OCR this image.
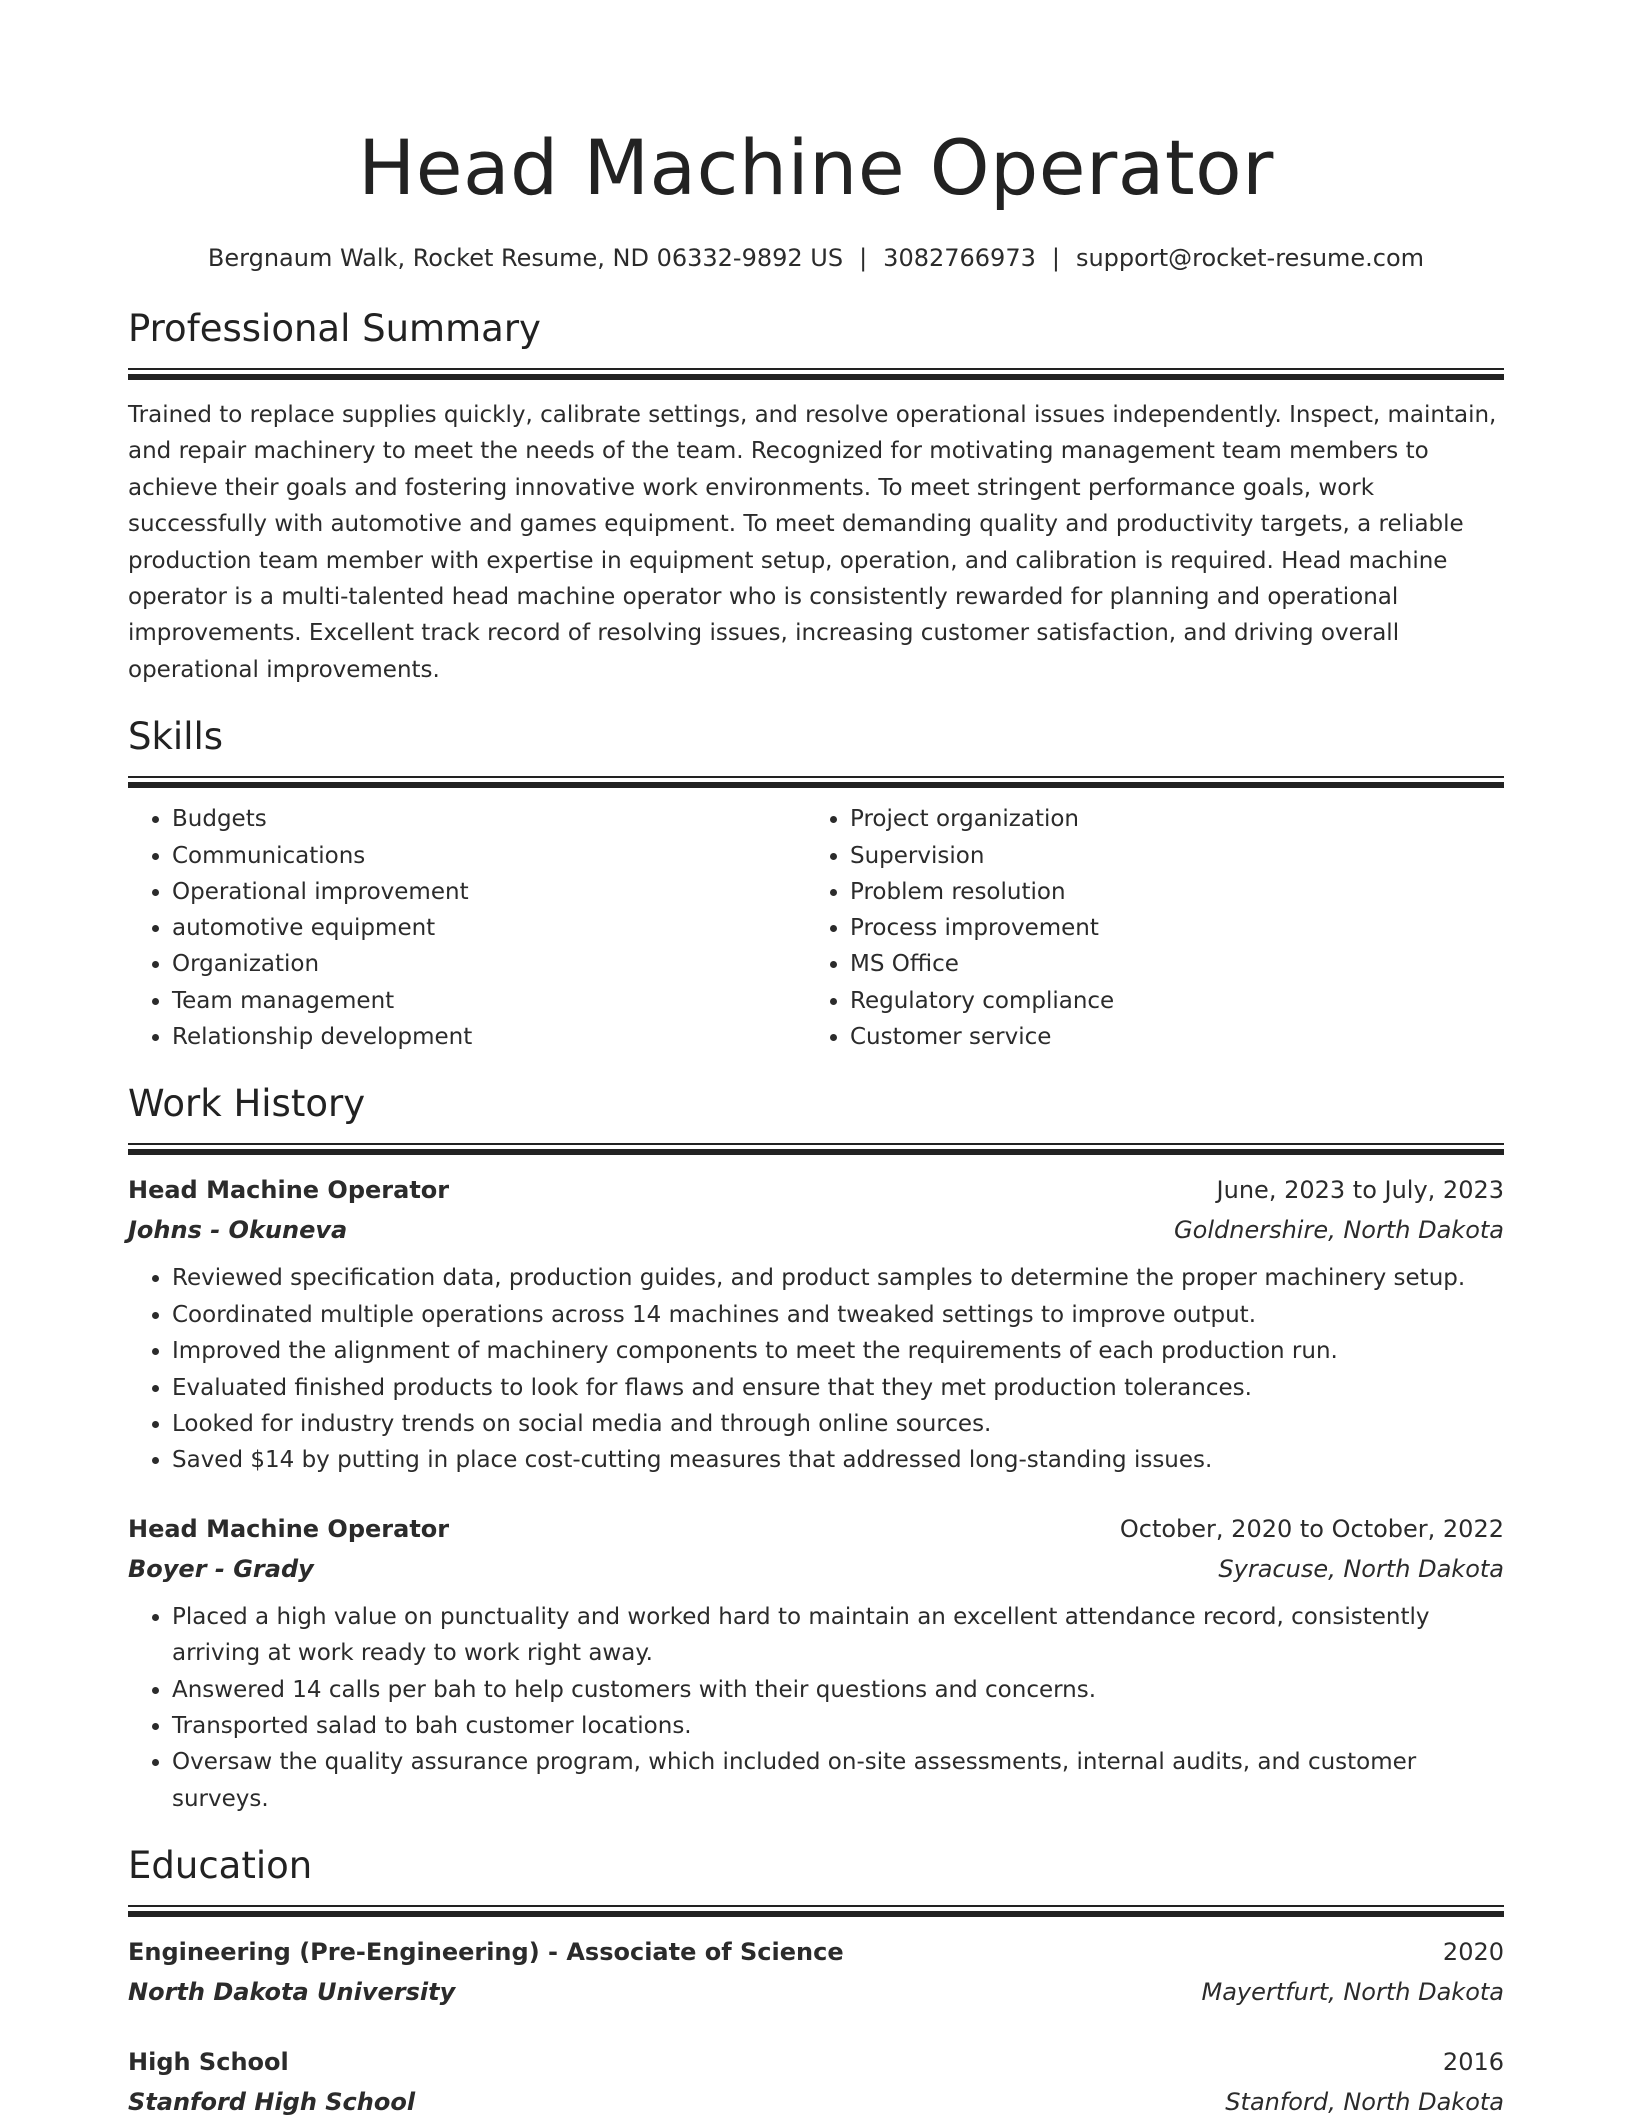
Head Machine Operator
Bergnaum Walk, Rocket Resume, ND 06332-9892 US | 3082766973 | support@rocket-resume.com
Professional Summary
Trained to replace supplies quickly, calibrate settings, and resolve operational issues independently. Inspect, maintain, and repair machinery to meet the needs of the team. Recognized for motivating management team members to achieve their goals and fostering innovative work environments. To meet stringent performance goals, work successfully with automotive and games equipment. To meet demanding quality and productivity targets, a reliable production team member with expertise in equipment setup, operation, and calibration is required. Head machine operator is a multi-talented head machine operator who is consistently rewarded for planning and operational improvements. Excellent track record of resolving issues, increasing customer satisfaction, and driving overall operational improvements.
Skills
• Budgets
• Communications
• Operational improvement
• automotive equipment
• Organization
• Team management
• Relationship development
• Project organization
• Supervision
• Problem resolution
• Process improvement
• MS Office
• Regulatory compliance
• Customer service
Work History
Head Machine Operator	June, 2023 to July, 2023
Johns - Okuneva	Goldnershire, North Dakota
• Reviewed specification data, production guides, and product samples to determine the proper machinery setup.
• Coordinated multiple operations across 14 machines and tweaked settings to improve output.
• Improved the alignment of machinery components to meet the requirements of each production run.
• Evaluated finished products to look for flaws and ensure that they met production tolerances.
• Looked for industry trends on social media and through online sources.
• Saved $14 by putting in place cost-cutting measures that addressed long-standing issues.
Head Machine Operator	October, 2020 to October, 2022
Boyer - Grady	Syracuse, North Dakota
• Placed a high value on punctuality and worked hard to maintain an excellent attendance record, consistently arriving at work ready to work right away.
• Answered 14 calls per bah to help customers with their questions and concerns.
• Transported salad to bah customer locations.
• Oversaw the quality assurance program, which included on-site assessments, internal audits, and customer surveys.
Education
Engineering (Pre-Engineering) - Associate of Science	2020
North Dakota University	Mayertfurt, North Dakota
High School	2016
Stanford High School	Stanford, North Dakota
